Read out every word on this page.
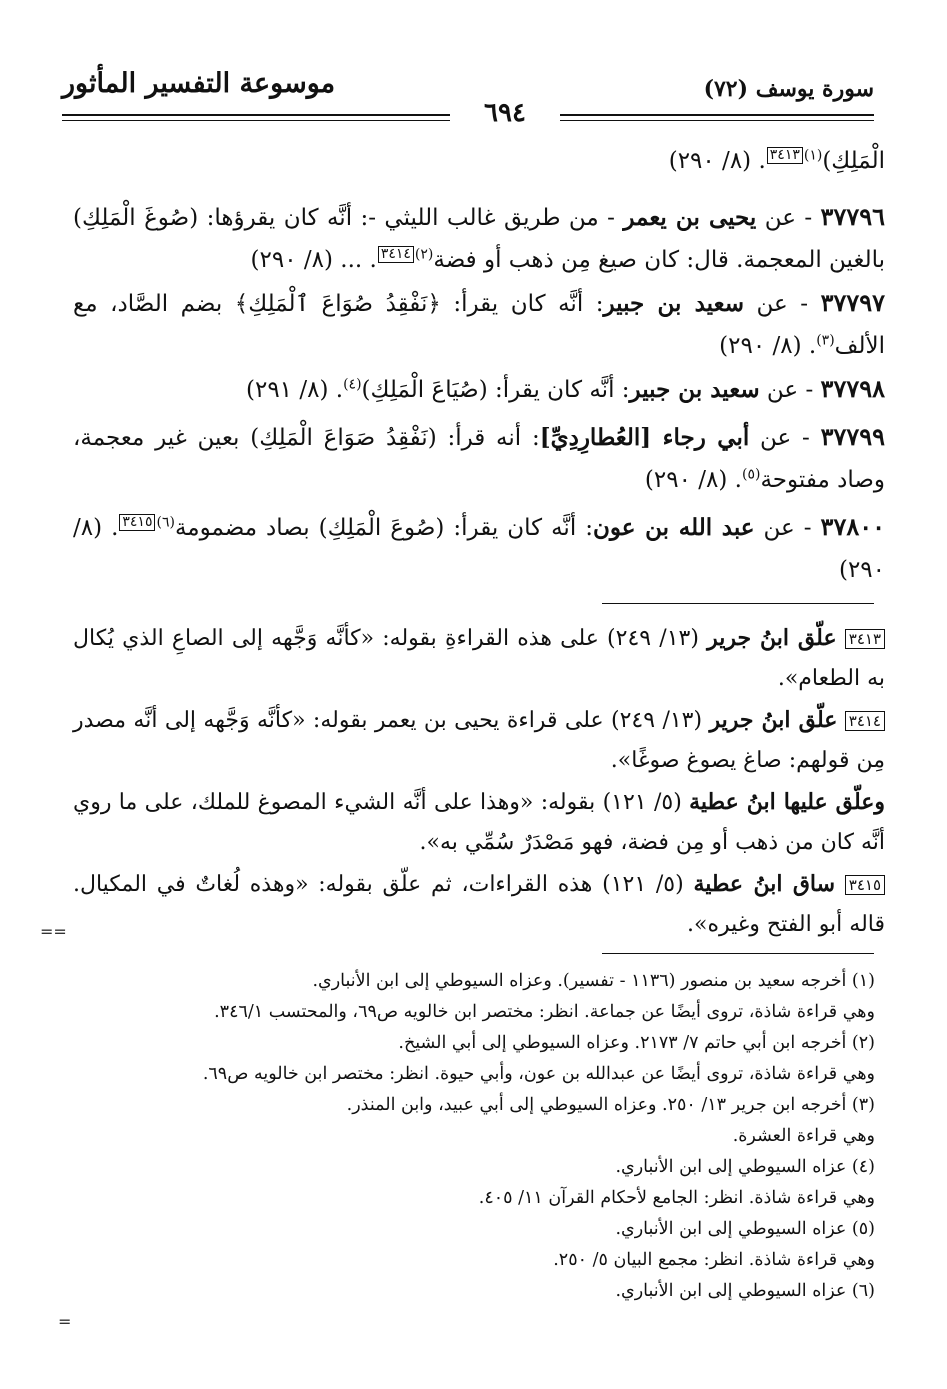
موسوعة التفسير المأثور	سورة يوسف (٧٢)
٦٩٤

الْمَلِكِ)$^{(١)}$٣٤١٣. (٨/ ٢٩٠)

٣٧٧٩٦ - عن يحيى بن يعمر - من طريق غالب الليثي -: أنَّه كان يقرؤها: (صُوغَ الْمَلِكِ) بالغين المعجمة. قال: كان صيغ مِن ذهب أو فضة$^{(٢)}$٣٤١٤. ... (٨/ ٢٩٠)

٣٧٧٩٧ - عن سعيد بن جبير: أنَّه كان يقرأ: ﴿نَفْقِدُ صُوَاعَ ٱلْمَلِكِ﴾ بضم الصَّاد، مع الألف$^{(٣)}$. (٨/ ٢٩٠)

٣٧٧٩٨ - عن سعيد بن جبير: أنَّه كان يقرأ: (صُيَاعَ الْمَلِكِ)$^{(٤)}$. (٨/ ٢٩١)

٣٧٧٩٩ - عن أبي رجاء [العُطارِدِيِّ]: أنه قرأ: (نَفْقِدُ صَوَاعَ الْمَلِكِ) بعين غير معجمة، وصاد مفتوحة$^{(٥)}$. (٨/ ٢٩٠)

٣٧٨٠٠ - عن عبد الله بن عون: أنَّه كان يقرأ: (صُوعَ الْمَلِكِ) بصاد مضمومة$^{(٦)}$٣٤١٥. (٨/ ٢٩٠)

٣٤١٣ علّق ابنُ جرير (١٣/ ٢٤٩) على هذه القراءةِ بقوله: «كأنَّه وَجَّهه إلى الصاعِ الذي يُكال به الطعام».
٣٤١٤ علّق ابنُ جرير (١٣/ ٢٤٩) على قراءة يحيى بن يعمر بقوله: «كأنَّه وَجَّهه إلى أنَّه مصدر مِن قولهم: صاغ يصوغ صوغًا».
وعلّق عليها ابنُ عطية (٥/ ١٢١) بقوله: «وهذا على أنَّه الشيء المصوغ للملك، على ما روي أنَّه كان من ذهب أو مِن فضة، فهو مَصْدَرٌ سُمِّي به».
٣٤١٥ ساق ابنُ عطية (٥/ ١٢١) هذه القراءات، ثم علّق بقوله: «وهذه لُغاتٌ في المكيال. قاله أبو الفتح وغيره».
(١) أخرجه سعيد بن منصور (١١٣٦ - تفسير). وعزاه السيوطي إلى ابن الأنباري.
وهي قراءة شاذة، تروى أيضًا عن جماعة. انظر: مختصر ابن خالويه ص٦٩، والمحتسب ٣٤٦/١.
(٢) أخرجه ابن أبي حاتم ٧/ ٢١٧٣. وعزاه السيوطي إلى أبي الشيخ.
وهي قراءة شاذة، تروى أيضًا عن عبدالله بن عون، وأبي حيوة. انظر: مختصر ابن خالويه ص٦٩.
(٣) أخرجه ابن جرير ١٣/ ٢٥٠. وعزاه السيوطي إلى أبي عبيد، وابن المنذر.
وهي قراءة العشرة.
(٤) عزاه السيوطي إلى ابن الأنباري.
وهي قراءة شاذة. انظر: الجامع لأحكام القرآن ١١/ ٤٠٥.
(٥) عزاه السيوطي إلى ابن الأنباري.
وهي قراءة شاذة. انظر: مجمع البيان ٥/ ٢٥٠.
(٦) عزاه السيوطي إلى ابن الأنباري.
==
=
